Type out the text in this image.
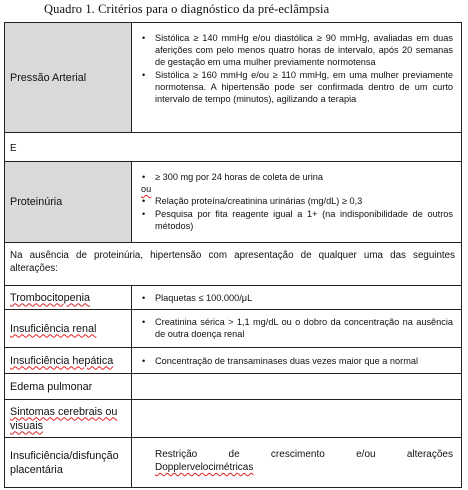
Quadro 1. Critérios para o diagnóstico da pré-eclâmpsia
Pressão Arterial
• Sistólica ≥ 140 mmHg e/ou diastólica ≥ 90 mmHg, avaliadas em duas aferições com pelo menos quatro horas de intervalo, após 20 semanas de gestação em uma mulher previamente normotensa
• Sistólica ≥ 160 mmHg e/ou ≥ 110 mmHg, em uma mulher previamente normotensa. A hipertensão pode ser confirmada dentro de um curto intervalo de tempo (minutos), agilizando a terapia
E
Proteinúria
• ≥ 300 mg por 24 horas de coleta de urina
ou
• Relação proteína/creatinina urinárias (mg/dL) ≥ 0,3
• Pesquisa por fita reagente igual a 1+ (na indisponibilidade de outros métodos)
Na ausência de proteinúria, hipertensão com apresentação de qualquer uma das seguintes alterações:
Trombocitopenia	• Plaquetas ≤ 100.000/μL
Insuficiência renal
• Creatinina sérica > 1,1 mg/dL ou o dobro da concentração na ausência de outra doença renal
Insuficiência hepática	• Concentração de transaminases duas vezes maior que a normal
Edema pulmonar
Sintomas cerebrais ou visuais
Insuficiência/disfunção placentária
Restrição de crescimento e/ou alterações
Dopplervelocimétricas
